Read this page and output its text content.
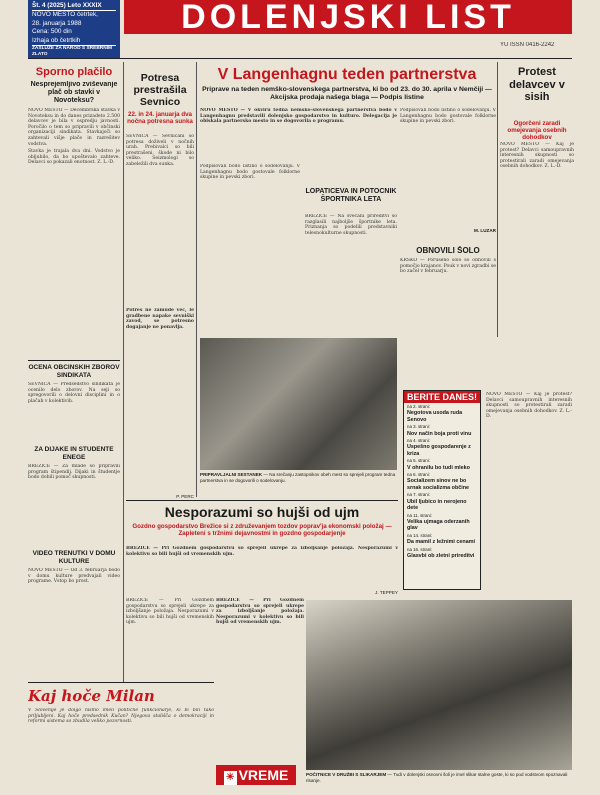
Št. 4 (2025) Leto XXXIX
NOVO MESTO četrtek,
28. januarja 1988
Cena: 500 din
Izhaja ob četrtkih
ZASLUŽE ZA NAROD S SREBRNIM ZLATO
DOLENJSKI LIST
YU ISSN 0416-2242
Sporno plačilo
Nesprejemljivo zviševanje plač ob stavki v Novoteksu?

NOVO MESTO — Decembrska stavka v Novoteksu in do danes prizadeto 2.500 delavcev je bila v ospredju javnosti. Poročilo o tem so pripravili v občinski organizaciji sindikata. Stavkajoči so zahtevali višje plače in razrešitev vodstva.

Stavka je trajala dva dni. Vodstvo je obljubilo, da bo upoštevalo zahteve. Delavci so pokazali enotnost. Z. L.-D.

OCENA OBČINSKIH ZBOROV SINDIKATA
SEVNICA — Predsedstvo sindikata je ocenilo delo zborov. Na seji so spregovorili o delovni disciplini in o plačah v kolektivih.
ZA DIJAKE IN ŠTUDENTE ENEGE
BREŽICE — Za mlade so pripravili program štipendij. Dijaki in študentje bodo dobili pomoč skupnosti.
VIDEO TRENUTKI V DOMU KULTURE
NOVO MESTO — Od 3. februarja bodo v domu kulture predvajali video programe. Vstop bo prost.
Potresa prestrašila Sevnico
22. in 24. januarja dva nočna potresna sunka
SEVNICA — Sevničani so potresa doživeli v nočnih urah. Prebivalci so bili prestrašeni, škode ni bilo veliko. Seizmologi so zabeležili dva sunka.
Potres ne zamude več, le gradbene napake sevniški zavod, se potresno dogajanje ne ponavlja.
P. PERC
V Langenhagnu teden partnerstva
Priprave na teden nemško-slovenskega partnerstva, ki bo od 23. do 30. aprila v Nemčiji — Akcijska prodaja našega blaga — Podpis listine

NOVO MESTO — V okviru tedna nemško-slovenskega partnerstva bodo v Langenhagnu predstavili dolenjsko gospodarstvo in kulturo. Delegacija je obiskala partnersko mesto in se dogovorila o programu.

Podpisovali bodo listino o sodelovanju. V Langenhagnu bodo gostovale folklorne skupine in pevski zbori.

Podpisovali bodo listino o sodelovanju. V Langenhagnu bodo gostovale folklorne skupine in pevski zbori.

LOPATIČEVA IN POTOČNIK ŠPORTNIKA LETA
BREŽICE — Na svečani prireditvi so razglasili najboljše športnike leta. Priznanja so podelili predstavniki telesnokulturne skupnosti.
M. LUZAR
OBNOVILI ŠOLO
KRŠKO — Porušeno šolo so obnovili s pomočjo krajanov. Pouk v novi zgradbi se bo začel v februarju.
PRIPRAVLJALNI SESTANEK — Na srečanju zastopnikov obeh mest so sprejeli program tedna partnerstva in se dogovorili o sodelovanju.
Protest delavcev v sisih
Ogorčeni zaradi omejevanja osebnih dohodkov
NOVO MESTO — Kaj je protest? Delavci samoupravnih interesnih skupnosti so protestirali zaradi omejevanja osebnih dohodkov. Z. L.-D.
BERITE DANES!
na 2. strani:
Negotova usoda ruda Senovo
na 3. strani:
Nov način boja proti vinu
na 4. strani:
Uspešno gospodarenje z kriza
na 5. strani:
V ohranilu bo tudi mleko
na 6. strani:
Socializem sinov ne bo srnak socializma občine
na 7. strani:
Ubil ljubico in nerojeno dete
na 11. strani:
Velika ujmaga oderzanih glav
na 14. strani:
Da mamil z ležnimi cenami
na 16. strani:
Glasvbi ob zletni prireditvi
Nesporazumi so hujši od ujm
Gozdno gospodarstvo Brežice si z združevanjem tozdov poprav'ja ekonomski položaj — Zapleteni s tržnimi dejavnostmi in gozdno gospodarjenje
BREŽICE — Pri Gozdnem gospodarstvu so sprejeli ukrepe za izboljšanje položaja. Nesporazumi v kolektivu so bili hujši od vremenskih ujm.
J. TEPPEY
BREŽICE — Pri Gozdnem gospodarstvu so sprejeli ukrepe za izboljšanje položaja. Nesporazumi v kolektivu so bili hujši od vremenskih ujm.
BREŽICE — Pri Gozdnem gospodarstvu so sprejeli ukrepe za izboljšanje položaja. Nesporazumi v kolektivu so bili hujši od vremenskih ujm.
POČITNICE V DRUŽBI S SLIKARJEM — Tudi v dolenjski osnovni šoli je imel slikar stalne goste, ki so pod vodstvom spoznavali risanje.
NOVO MESTO — Kaj je protest? Delavci samoupravnih interesnih skupnosti so protestirali zaradi omejevanja osebnih dohodkov. Z. L.-D.
Kaj hoče Milan
V Slovenije je dolgo nismo imeli politične funkcionarje, ki bi bili tako priljubljeni. Kaj hoče predsednik Kučan? Njegova stališča o demokraciji in reformi sistema so zbudila veliko pozornosti.
☀ VREME
